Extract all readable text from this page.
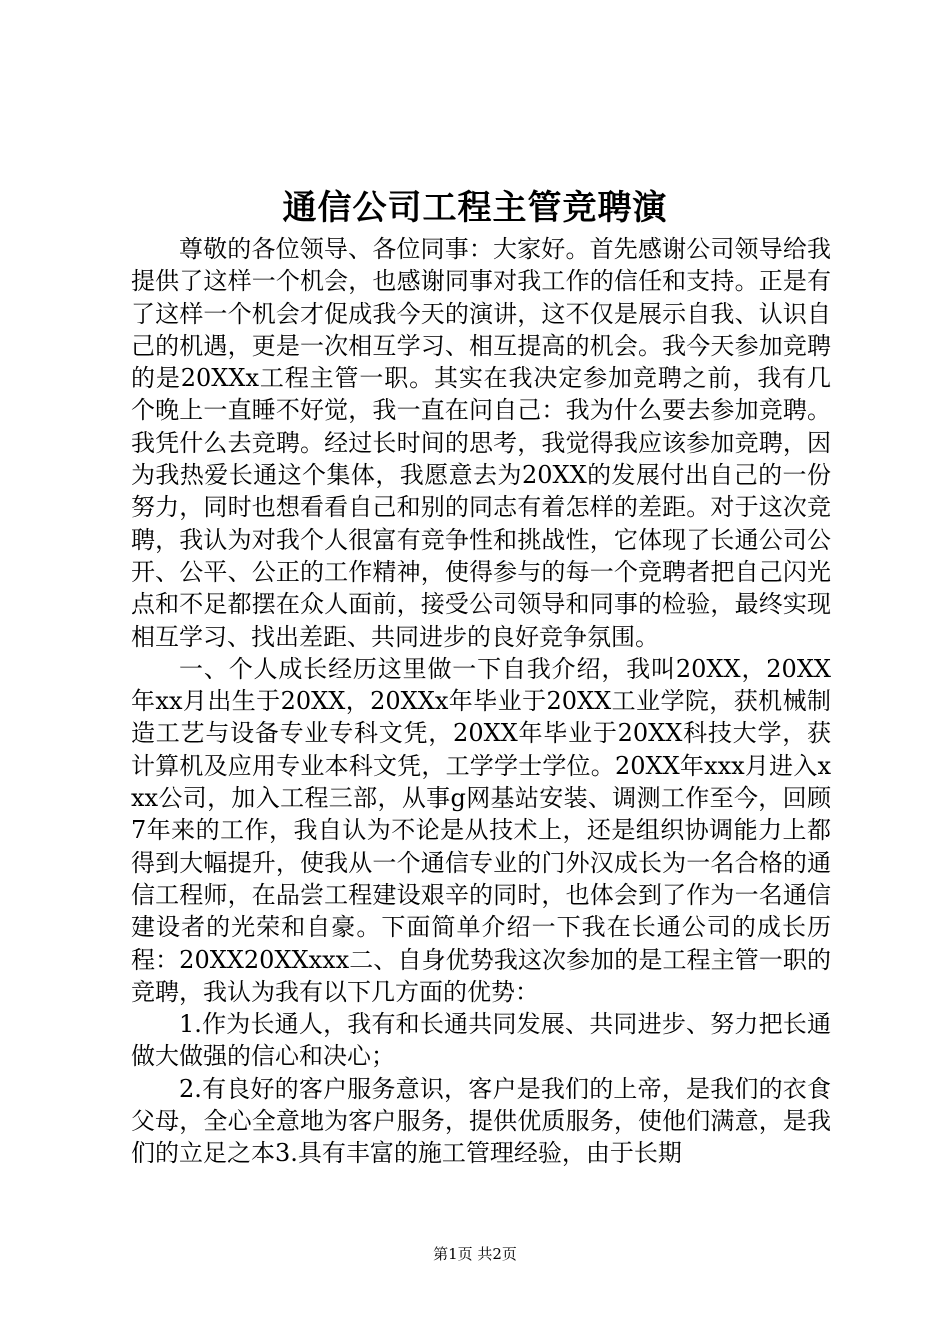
通信公司工程主管竞聘演

尊敬的各位领导、各位同事：大家好。首先感谢公司领导给我提供了这样一个机会，也感谢同事对我工作的信任和支持。正是有了这样一个机会才促成我今天的演讲，这不仅是展示自我、认识自己的机遇，更是一次相互学习、相互提高的机会。我今天参加竞聘的是20XXx工程主管一职。其实在我决定参加竞聘之前，我有几个晚上一直睡不好觉，我一直在问自己：我为什么要去参加竞聘。我凭什么去竞聘。经过长时间的思考，我觉得我应该参加竞聘，因为我热爱长通这个集体，我愿意去为20XX的发展付出自己的一份努力，同时也想看看自己和别的同志有着怎样的差距。对于这次竞聘，我认为对我个人很富有竞争性和挑战性，它体现了长通公司公开、公平、公正的工作精神，使得参与的每一个竞聘者把自己闪光点和不足都摆在众人面前，接受公司领导和同事的检验，最终实现相互学习、找出差距、共同进步的良好竞争氛围。

一、个人成长经历这里做一下自我介绍，我叫20XX，20XX年xx月出生于20XX，20XXx年毕业于20XX工业学院，获机械制造工艺与设备专业专科文凭，20XX年毕业于20XX科技大学，获计算机及应用专业本科文凭，工学学士学位。20XX年xxx月进入xxx公司，加入工程三部，从事g网基站安装、调测工作至今，回顾7年来的工作，我自认为不论是从技术上，还是组织协调能力上都得到大幅提升，使我从一个通信专业的门外汉成长为一名合格的通信工程师，在品尝工程建设艰辛的同时，也体会到了作为一名通信建设者的光荣和自豪。下面简单介绍一下我在长通公司的成长历程：20XX20XXxxx二、自身优势我这次参加的是工程主管一职的竞聘，我认为我有以下几方面的优势：

1.作为长通人，我有和长通共同发展、共同进步、努力把长通做大做强的信心和决心；

2.有良好的客户服务意识，客户是我们的上帝，是我们的衣食父母，全心全意地为客户服务，提供优质服务，使他们满意，是我们的立足之本3.具有丰富的施工管理经验，由于长期

第1页 共2页
